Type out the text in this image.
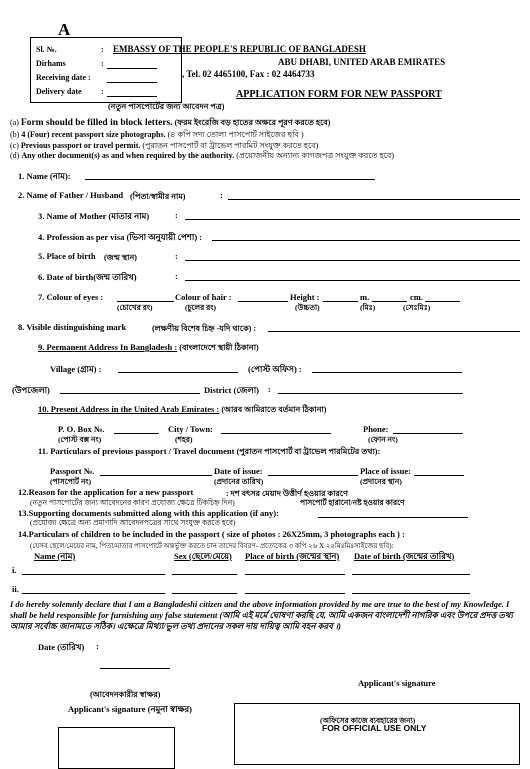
A
Sl. №.	:
Dirhams	:
Receiving date :
Delivery date :
EMBASSY OF THE PEOPLE'S REPUBLIC OF BANGLADESH
ABU DHABI, UNITED ARAB EMIRATES
, Tel. 02 4465100, Fax : 02 4464733
APPLICATION FORM FOR NEW PASSPORT
(নতুন পাসপোর্টের জন্য আবেদন পত্র)
(a) Form should be filled in block letters. (ফরম ইংরেজি বড় হাতের অক্ষরে পূরণ করতে হবে)
(b) 4 (Four) recent passport size photographs. (৪ কপি সদ্য তোলা পাসপোর্ট সাইজের ছবি )
(c) Previous passport or travel permit. (পুরাতন পাসপোর্ট বা ট্রাভেল পারমিট সংযুক্ত করতে হবে)
(d) Any other document(s) as and when required by the authority. (প্রয়োজনীয় অন্যান্য কাগজপত্র সংযুক্ত করতে হবে)
1. Name (নাম):
2. Name of Father / Husband (পিতা/স্বামীর নাম)	:
3. Name of Mother (মাতার নাম)	:
4. Profession as per visa (ভিসা অনুযায়ী পেশা) :
5. Place of birth (জন্ম স্থান)	:
6. Date of birth(জন্ম তারিখ)	:
7. Colour of eyes :	Colour of hair :	Height :	m.	cm.
(চোখের রং)	(চুলের রং)	(উচ্চতা)	(মিঃ)	(সেঃমিঃ)
8. Visible distinguishing mark	(লক্ষণীয় বিশেষ চিহ্ন -যদি থাকে) :
9. Permanent Address In Bangladesh : (বাংলাদেশে স্থায়ী ঠিকানা)
Village (গ্রাম) :	(পোস্ট অফিস) :
(উপজেলা)	District (জেলা) :
10. Present Address in the United Arab Emirates : (আরব আমিরাতে বর্তমান ঠিকানা)
P. O. Box №.	City / Town:	Phone:
(পোস্ট বক্স নং)	(শহর)	(ফোন নং)
11. Particulars of previous passport / Travel document (পুরাতন পাসপোর্ট বা ট্রাভেল পারমিটের তথ্য):
Passport №.	Date of issue:	Place of issue:
(পাসপোর্ট নং)	(প্রদানের তারিখ)	(প্রদানের স্থান)
12.Reason for the application for a new passport	: দশ বৎসর মেয়াদ উত্তীর্ণ হওয়ার কারণে
(নতুন পাসপোর্টের জন্য আবেদনের কারণ প্রযোজ্য ক্ষেত্রে টিকচিহ্ন দিন)	পাসপোর্ট হারানো/নষ্ট হওয়ার কারণে
13.Supporting documents submitted along with this application (if any):
(প্রযোজ্য ক্ষেত্রে অন্য প্রমাণাদি আবেদনপত্রের সাথে সংযুক্ত করতে হবে)
14.Particulars of children to be included in the passport ( size of photos : 26X25mm, 3 photographs each ) :
(যেসব ছেলে/মেয়ের নাম, পিতা/মাতার পাসপোর্টে অন্তর্ভুক্ত করতে চান তাদের বিবরণ- প্রত্যেকের ৩ কপি ২৬ X ২৫মিঃমিঃসাইজের ছবি):
Name (নাম)	Sex (ছেলে/মেয়ে) Place of birth (জন্মের স্থান) Date of birth (জন্মের তারিখ)
i.
ii.
I do hereby solemnly declare that I am a Bangladeshi citizen and the above information provided by me are true to the best of my Knowledge. I shall be held responsible for furnishing any false statement (আমি এই মর্মে ঘোষণা করছি যে, আমি একজন বাংলাদেশী নাগরিক এবং উপরে প্রদত্ত তথ্য আমার সর্বোচ্চ জানামতে সঠিক। এক্ষেত্রে মিথ্যা/ভুল তথ্য প্রদানের সকল দায় দায়িত্ব আমি বহন করব ।)
Date (তারিখ) :
(আবেদনকারীর স্বাক্ষর)
Applicant's signature
Applicant's signature (নমুনা স্বাক্ষর)
(অফিসের কাজে ব্যবহারের জন্য)
FOR OFFICIAL USE ONLY
